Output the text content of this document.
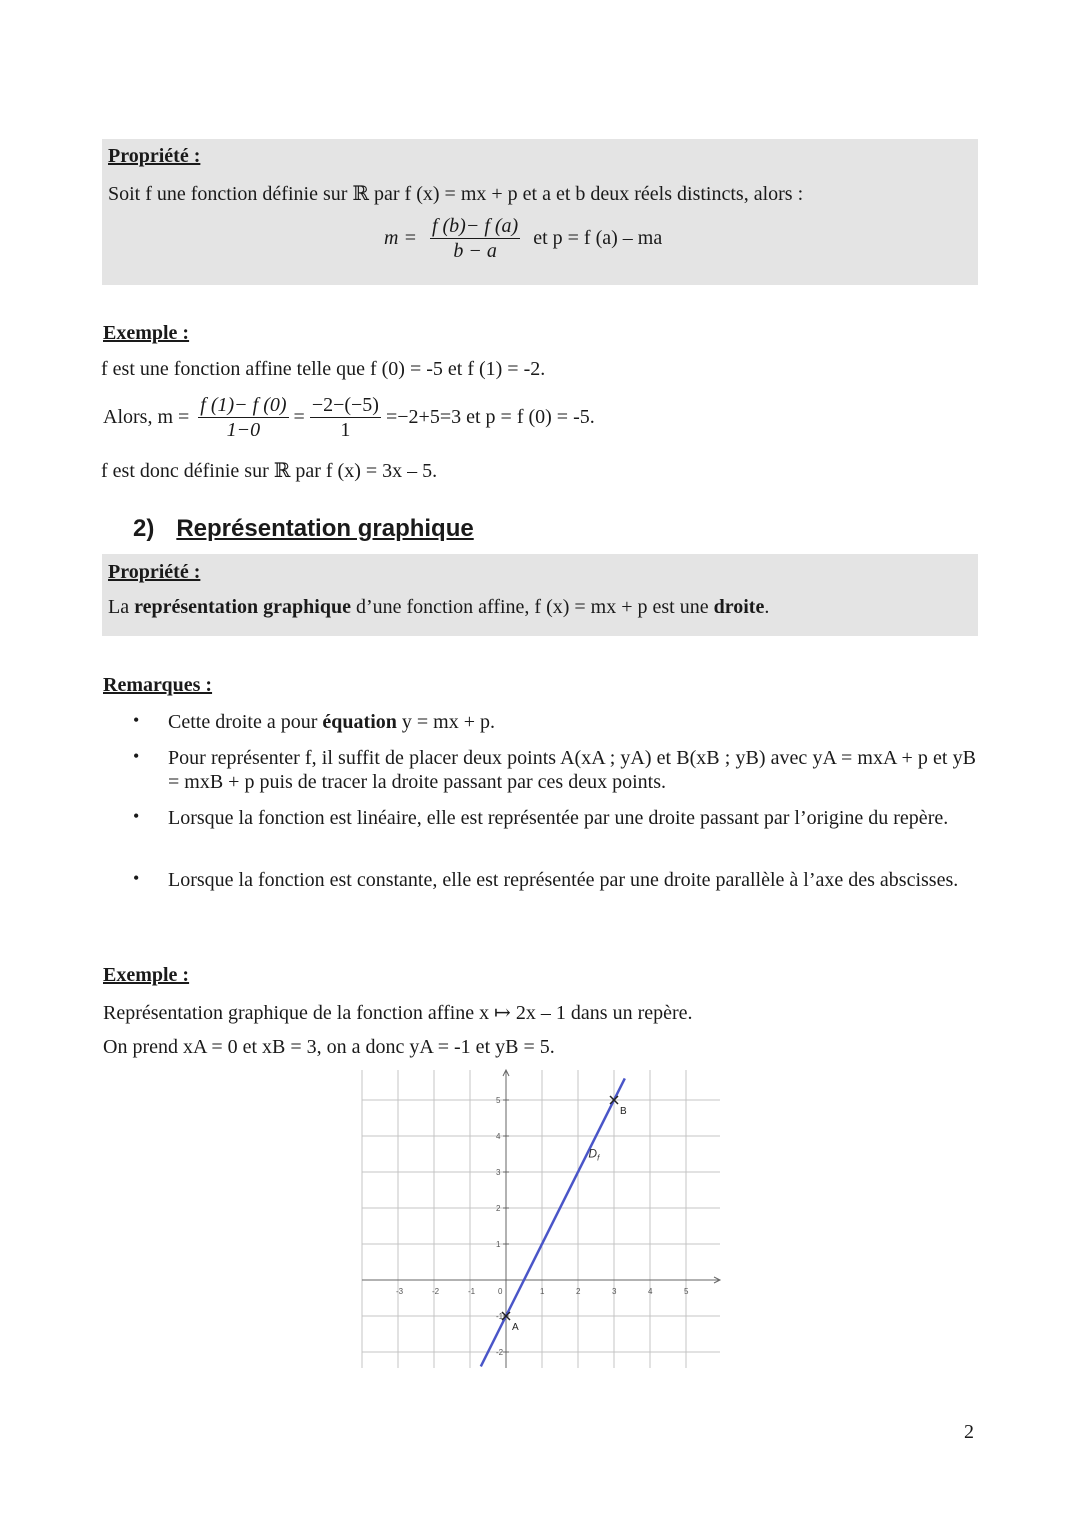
Propriété :
Soit f une fonction définie sur ℝ par f (x) = mx + p et a et b deux réels distincts, alors :
$m = \frac{f (b)- f (a)}{b - a}$ et p = f (a) – ma
Exemple :
f est une fonction affine telle que f (0) = -5 et f (1) = -2.
Alors, $m = \frac{f (1)- f (0)}{1-0} = \frac{-2-(-5)}{1} =-2+5=3$ et p = f (0) = -5.
f est donc définie sur ℝ par f (x) = 3x – 5.
2) Représentation graphique
Propriété :
La représentation graphique d’une fonction affine, f (x) = mx + p est une droite.
Remarques :
• Cette droite a pour équation y = mx + p.
• Pour représenter f, il suffit de placer deux points A(xA ; yA) et B(xB ; yB) avec yA = mxA + p et yB = mxB + p puis de tracer la droite passant par ces deux points.
• Lorsque la fonction est linéaire, elle est représentée par une droite passant par l’origine du repère.
• Lorsque la fonction est constante, elle est représentée par une droite parallèle à l’axe des abscisses.
Exemple :
Représentation graphique de la fonction affine x ↦ 2x – 1 dans un repère.
On prend xA = 0 et xB = 3, on a donc yA = -1 et yB = 5.
-3	-2	-1	0	1	2	3	4	5
-2
-1
1
2
3
4
5
$D_f$
A
B
2
